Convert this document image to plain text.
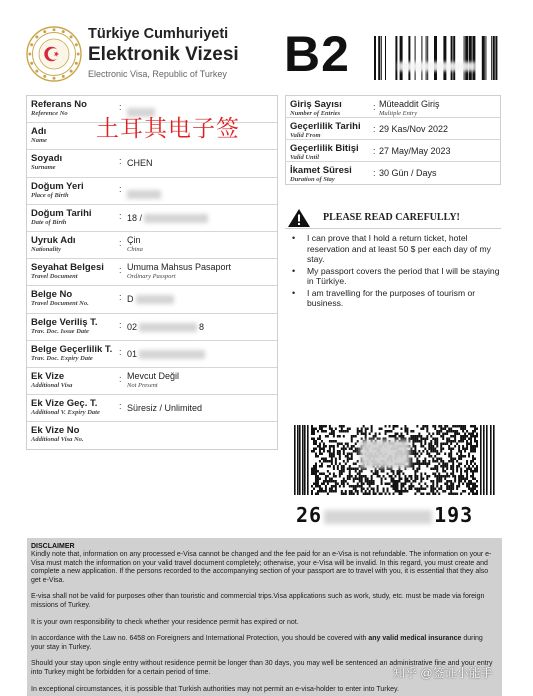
Türkiye Cumhuriyeti
Elektronik Vizesi
Electronic Visa, Republic of Turkey B2
Referans No
Reference No
:
Adı
Name
Soyadı
Surname
: CHEN
Doğum Yeri
Place of Birth
:
Doğum Tarihi
Date of Birth
: 18 /
Uyruk Adı
Nationality
: Çin
China
Seyahat Belgesi
Travel Document
: Umuma Mahsus Pasaport
Ordinary Passport
Belge No
Travel Document No.
: D
Belge Veriliş T.
Trav. Doc. Issue Date
: 02	8
Belge Geçerlilik T.
Trav. Doc. Expiry Date
: 01
Ek Vize
Additional Visa
: Mevcut Değil
Not Present
Ek Vize Geç. T.
Additional V. Expiry Date
: Süresiz / Unlimited
Ek Vize No
Additional Visa No.
土耳其电子签
Giriş Sayısı
Number of Entries
: Müteaddit Giriş
Multiple Entry
Geçerlilik Tarihi
Valid From
: 29 Kas/Nov 2022
Geçerlilik Bitişi
Valid Until
: 27 May/May 2023
İkamet Süresi
Duration of Stay
: 30 Gün / Days
PLEASE READ CAREFULLY!
• I can prove that I hold a return ticket, hotel reservation and at least 50 $ per each day of my stay.
• My passport covers the period that I will be staying in Türkiye.
• I am travelling for the purposes of tourism or business.
26	193
DISCLAIMER

Kindly note that, information on any processed e-Visa cannot be changed and the fee paid for an e-Visa is not refundable. The information on your e-Visa must match the information on your valid travel document completely; otherwise, your e-Visa will be invalid. In this regard, you must create and complete a new application. If the persons recorded to the accompanying section of your passport are to travel with you, it is essential that they also get e-Visa.

E-visa shall not be valid for purposes other than touristic and commercial trips.Visa applications such as work, study, etc. must be made via foreign missions of Turkey.

It is your own responsibility to check whether your residence permit has expired or not.

In accordance with the Law no. 6458 on Foreigners and International Protection, you should be covered with any valid medical insurance during your stay in Turkey.

Should your stay upon single entry without residence permit be longer than 30 days, you may well be sentenced an administrative fine and your entry into Turkey might be forbidden for a certain period of time.

In exceptional circumstances, it is possible that Turkish authorities may not permit an e-visa-holder to enter into Turkey.

知乎 @签证小能手
